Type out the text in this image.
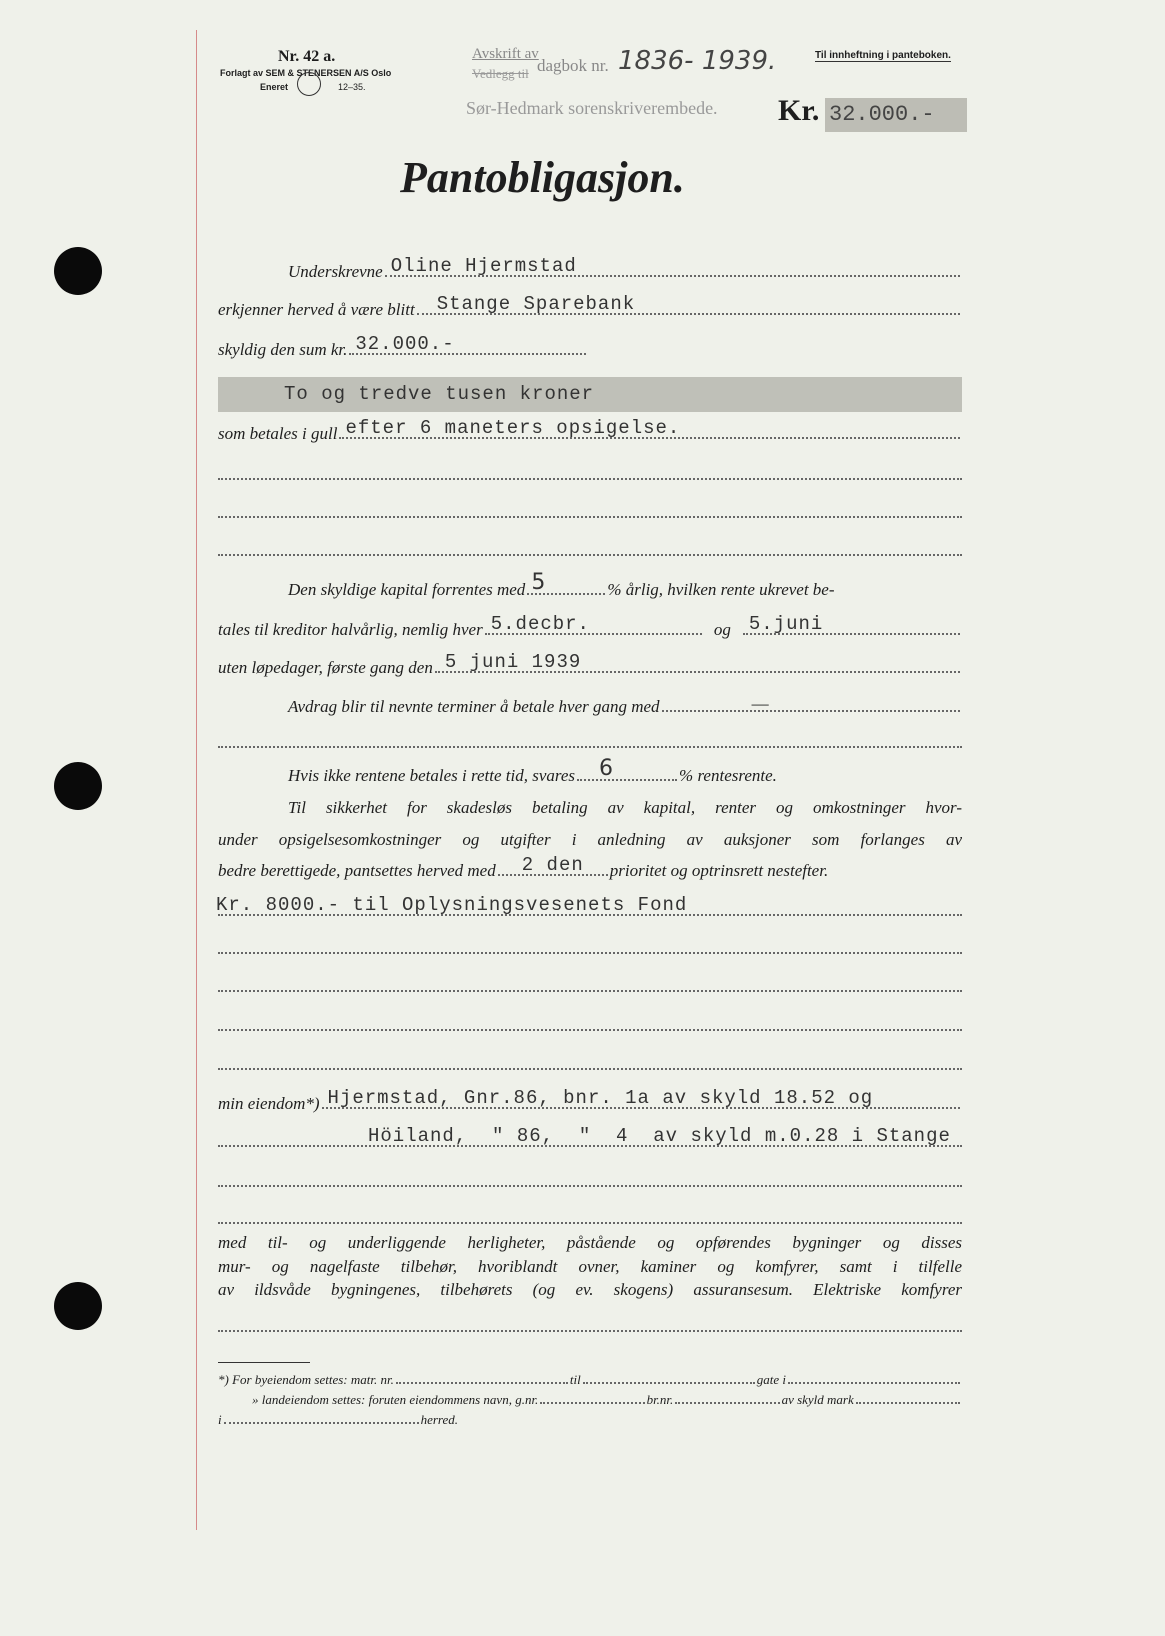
Nr. 42 a.
Forlagt av SEM & STENERSEN A/S Oslo
Eneret	12–35.
Avskrift av
Vedlegg til dagbok nr. 1836- 1939.
Sør-Hedmark sorenskriverembede.
Til innheftning i panteboken.
Kr. 32.000.-
Pantobligasjon.
Underskrevne Oline Hjermstad
erkjenner herved å være blitt Stange Sparebank
skyldig den sum kr. 32.000.-
To og tredve tusen kroner
som betales i gull efter 6 maneters opsigelse.
Den skyldige kapital forrentes med 5	% årlig, hvilken rente ukrevet be-
tales til kreditor halvårlig, nemlig hver 5.decbr.	og 5.juni
uten løpedager, første gang den 5 juni 1939
Avdrag blir til nevnte terminer å betale hver gang med	—
Hvis ikke rentene betales i rette tid, svares 6	% rentesrente.
Til sikkerhet for skadesløs betaling av kapital, renter og omkostninger hvor-
under opsigelsesomkostninger og utgifter i anledning av auksjoner som forlanges av
bedre berettigede, pantsettes herved med 2 den prioritet og optrinsrett nestefter.
Kr. 8000.- til Oplysningsvesenets Fond
min eiendom*) Hjermstad, Gnr.86, bnr. 1a av skyld 18.52 og
Höiland,  " 86,  "  4  av skyld m.0.28 i Stange
med til- og underliggende herligheter, påstående og opførendes bygninger og disses
mur- og nagelfaste tilbehør, hvoriblandt ovner, kaminer og komfyrer, samt i tilfelle
av ildsvåde bygningenes, tilbehørets (og ev. skogens) assuransesum. Elektriske komfyrer
*) For byeiendom settes: matr. nr.	til	gate i
» landeiendom settes: foruten eiendommens navn, g.nr.	br.nr.	av skyld mark
i	herred.
